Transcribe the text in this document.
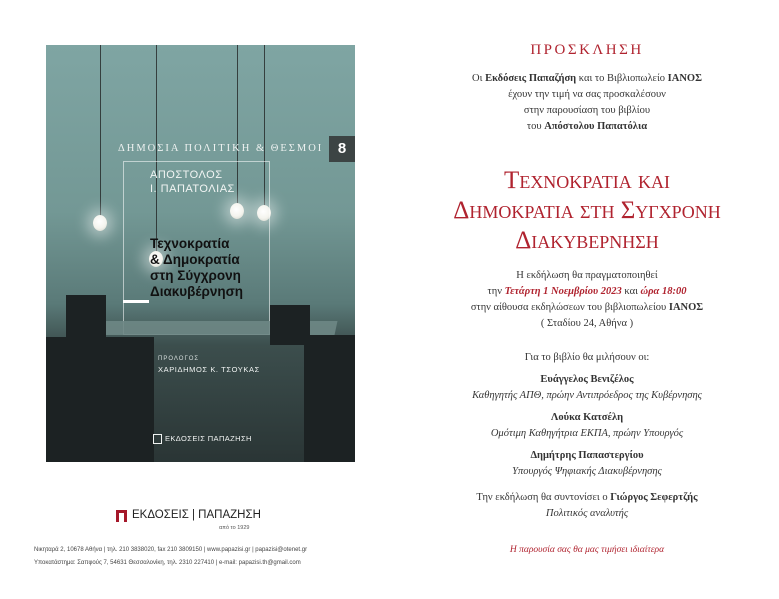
ΔΗΜΟΣΙΑ ΠΟΛΙΤΙΚΗ & ΘΕΣΜΟΙ 8
ΑΠΟΣΤΟΛΟΣ
Ι. ΠΑΠΑΤΟΛΙΑΣ
Τεχνοκρατία
& Δημοκρατία
στη Σύγχρονη
Διακυβέρνηση
ΠΡΟΛΟΓΟΣ
ΧΑΡΙΔΗΜΟΣ Κ. ΤΣΟΥΚΑΣ
ΕΚΔΟΣΕΙΣ ΠΑΠΑΖΗΣΗ
ΕΚΔΟΣΕΙΣ | ΠΑΠΑΖΗΣΗ
από το 1929
Νικηταρά 2, 10678 Αθήνα | τηλ. 210 3838020, fax 210 3809150 | www.papazisi.gr | papazisi@otenet.gr
Υποκατάστημα: Σαπφούς 7, 54631 Θεσσαλονίκη, τηλ. 2310 227410 | e-mail: papazisi.th@gmail.com
ΠΡΟΣΚΛΗΣΗ
Οι Εκδόσεις Παπαζήση και το Βιβλιοπωλείο ΙΑΝΟΣ
έχουν την τιμή να σας προσκαλέσουν
στην παρουσίαση του βιβλίου
του Απόστολου Παπατόλια
Τεχνοκρατια και
Δημοκρατια στη Συγχρονη
Διακυβερνηση
Η εκδήλωση θα πραγματοποιηθεί
την Τετάρτη 1 Νοεμβρίου 2023 και ώρα 18:00
στην αίθουσα εκδηλώσεων του βιβλιοπωλείου ΙΑΝΟΣ
( Σταδίου 24, Αθήνα )
Για το βιβλίο θα μιλήσουν οι:
Ευάγγελος Βενιζέλος
Καθηγητής ΑΠΘ, πρώην Αντιπρόεδρος της Κυβέρνησης
Λούκα Κατσέλη
Ομότιμη Καθηγήτρια ΕΚΠΑ, πρώην Υπουργός
Δημήτρης Παπαστεργίου
Υπουργός Ψηφιακής Διακυβέρνησης
Την εκδήλωση θα συντονίσει ο Γιώργος Σεφερτζής
Πολιτικός αναλυτής
Η παρουσία σας θα μας τιμήσει ιδιαίτερα
